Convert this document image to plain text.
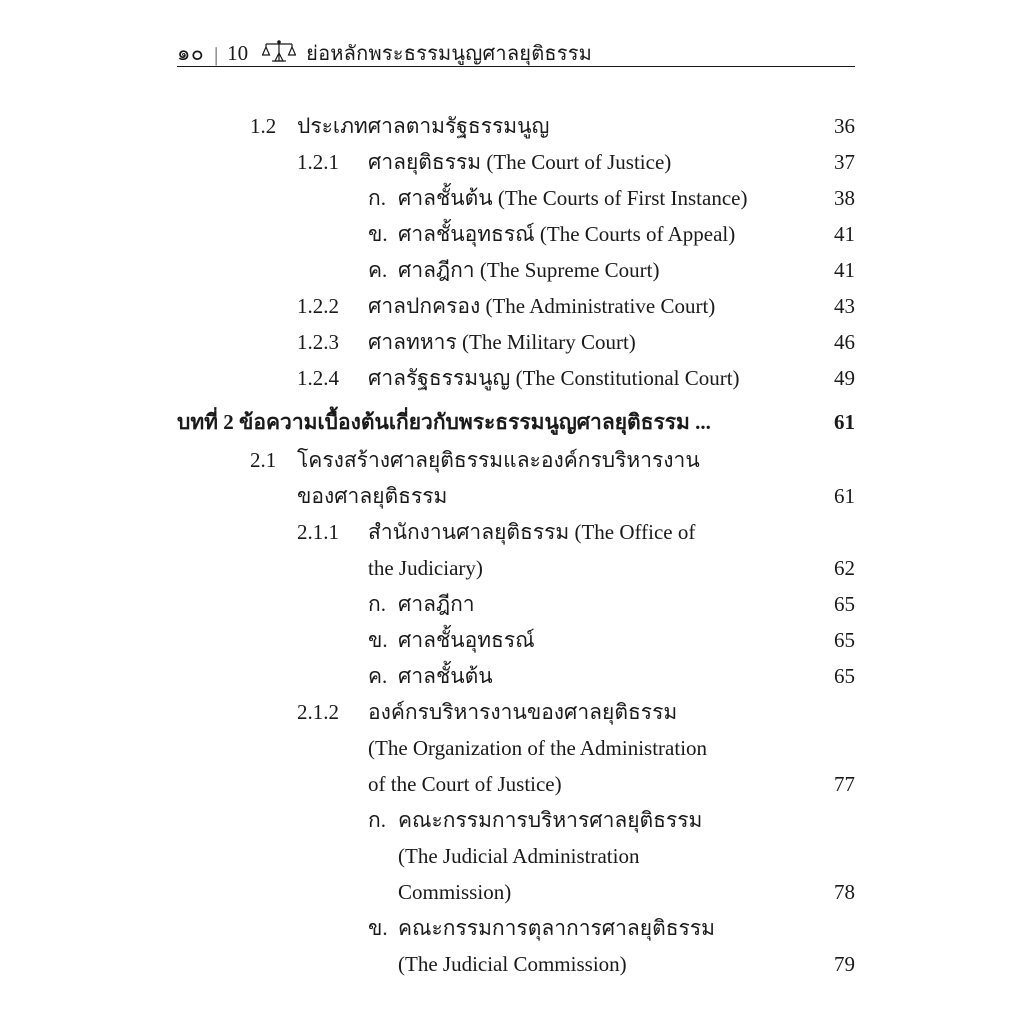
๑๐ | 10	ย่อหลักพระธรรมนูญศาลยุติธรรม
1.2 ประเภทศาลตามรัฐธรรมนูญ	36
1.2.1 ศาลยุติธรรม (The Court of Justice)	37
ก. ศาลชั้นต้น (The Courts of First Instance)	38
ข. ศาลชั้นอุทธรณ์ (The Courts of Appeal)	41
ค. ศาลฎีกา (The Supreme Court)	41
1.2.2 ศาลปกครอง (The Administrative Court)	43
1.2.3 ศาลทหาร (The Military Court)	46
1.2.4 ศาลรัฐธรรมนูญ (The Constitutional Court)	49
บทที่ 2 ข้อความเบื้องต้นเกี่ยวกับพระธรรมนูญศาลยุติธรรม ...	61
2.1 โครงสร้างศาลยุติธรรมและองค์กรบริหารงาน
ของศาลยุติธรรม	61
2.1.1 สำนักงานศาลยุติธรรม (The Office of
the Judiciary)	62
ก. ศาลฎีกา	65
ข. ศาลชั้นอุทธรณ์	65
ค. ศาลชั้นต้น	65
2.1.2 องค์กรบริหารงานของศาลยุติธรรม
(The Organization of the Administration
of the Court of Justice)	77
ก. คณะกรรมการบริหารศาลยุติธรรม
(The Judicial Administration
Commission)	78
ข. คณะกรรมการตุลาการศาลยุติธรรม
(The Judicial Commission)	79
